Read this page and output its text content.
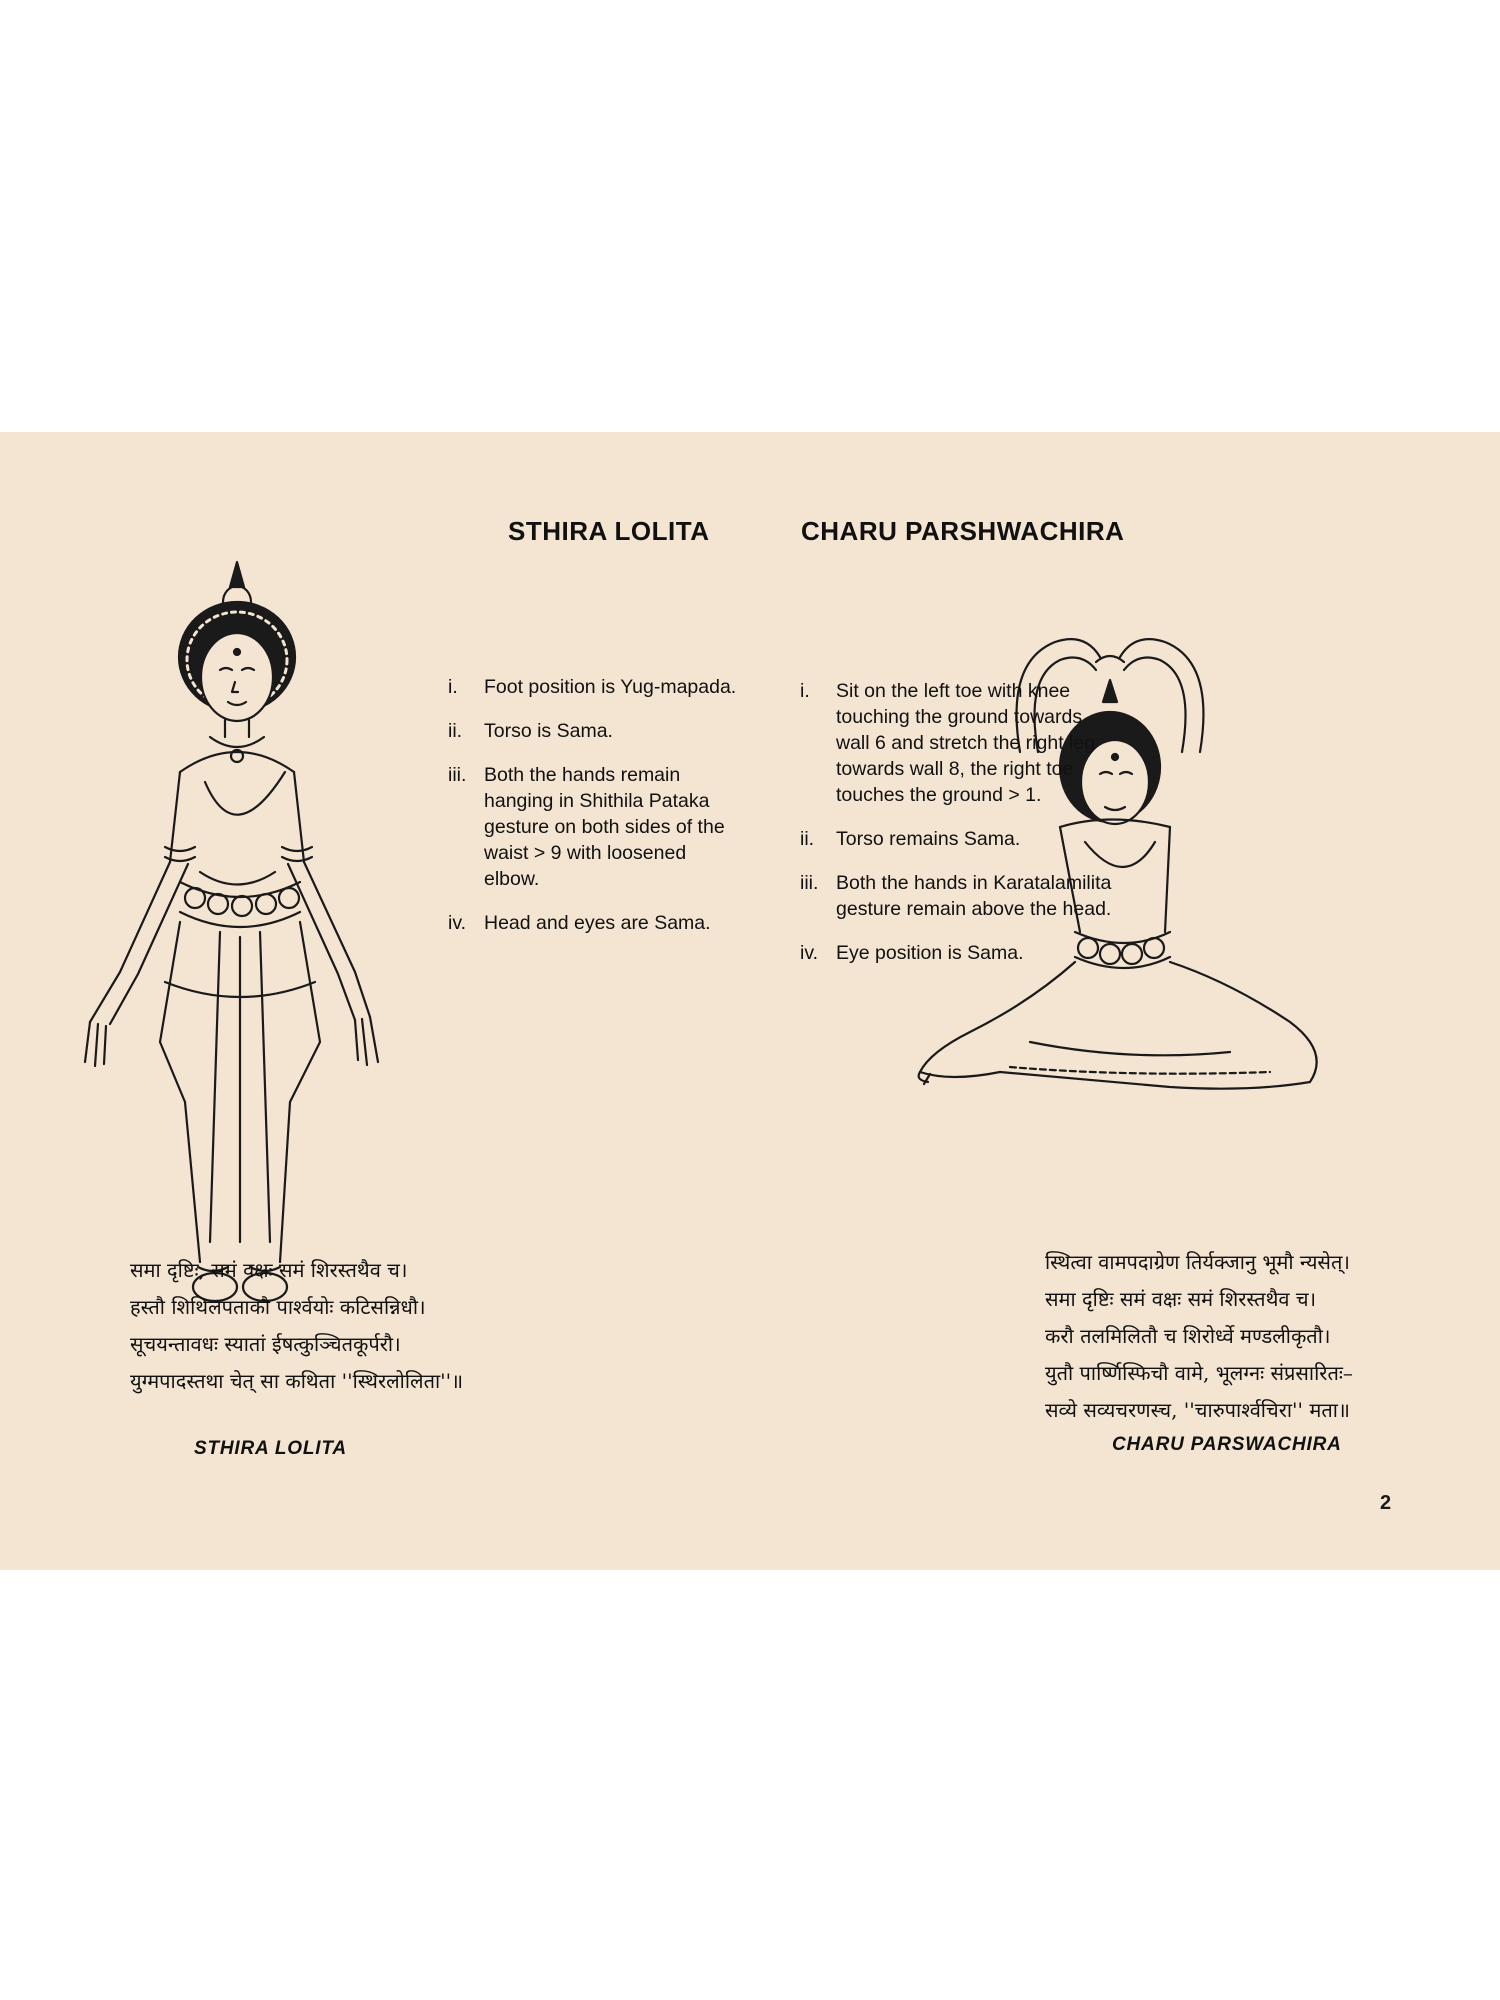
STHIRA LOLITA	CHARU PARSHWACHIRA
i. Foot position is Yug-mapada.
ii. Torso is Sama.
iii. Both the hands remain hanging in Shithila Pataka gesture on both sides of the waist > 9 with loosened elbow.
iv. Head and eyes are Sama.
i. Sit on the left toe with knee touching the ground towards wall 6 and stretch the right leg towards wall 8, the right toe touches the ground > 1.
ii. Torso remains Sama.
iii. Both the hands in Karatalamilita gesture remain above the head.
iv. Eye position is Sama.
समा दृष्टिः, समं वक्षः समं शिरस्तथैव च।
हस्तौ शिथिलपताकौ पार्श्वयोः कटिसन्निधौ।
सूचयन्तावधः स्यातां ईषत्कुञ्चितकूर्परौ।
युग्मपादस्तथा चेत् सा कथिता ''स्थिरलोलिता''॥
स्थित्वा वामपदाग्रेण तिर्यक्जानु भूमौ न्यसेत्।
समा दृष्टिः समं वक्षः समं शिरस्तथैव च।
करौ तलमिलितौ च शिरोर्ध्वे मण्डलीकृतौ।
युतौ पार्ष्णिस्फिचौ वामे, भूलग्नः संप्रसारितः–
सव्ये सव्यचरणस्च, ''चारुपार्श्वचिरा'' मता॥
STHIRA LOLITA	CHARU PARSWACHIRA
2
